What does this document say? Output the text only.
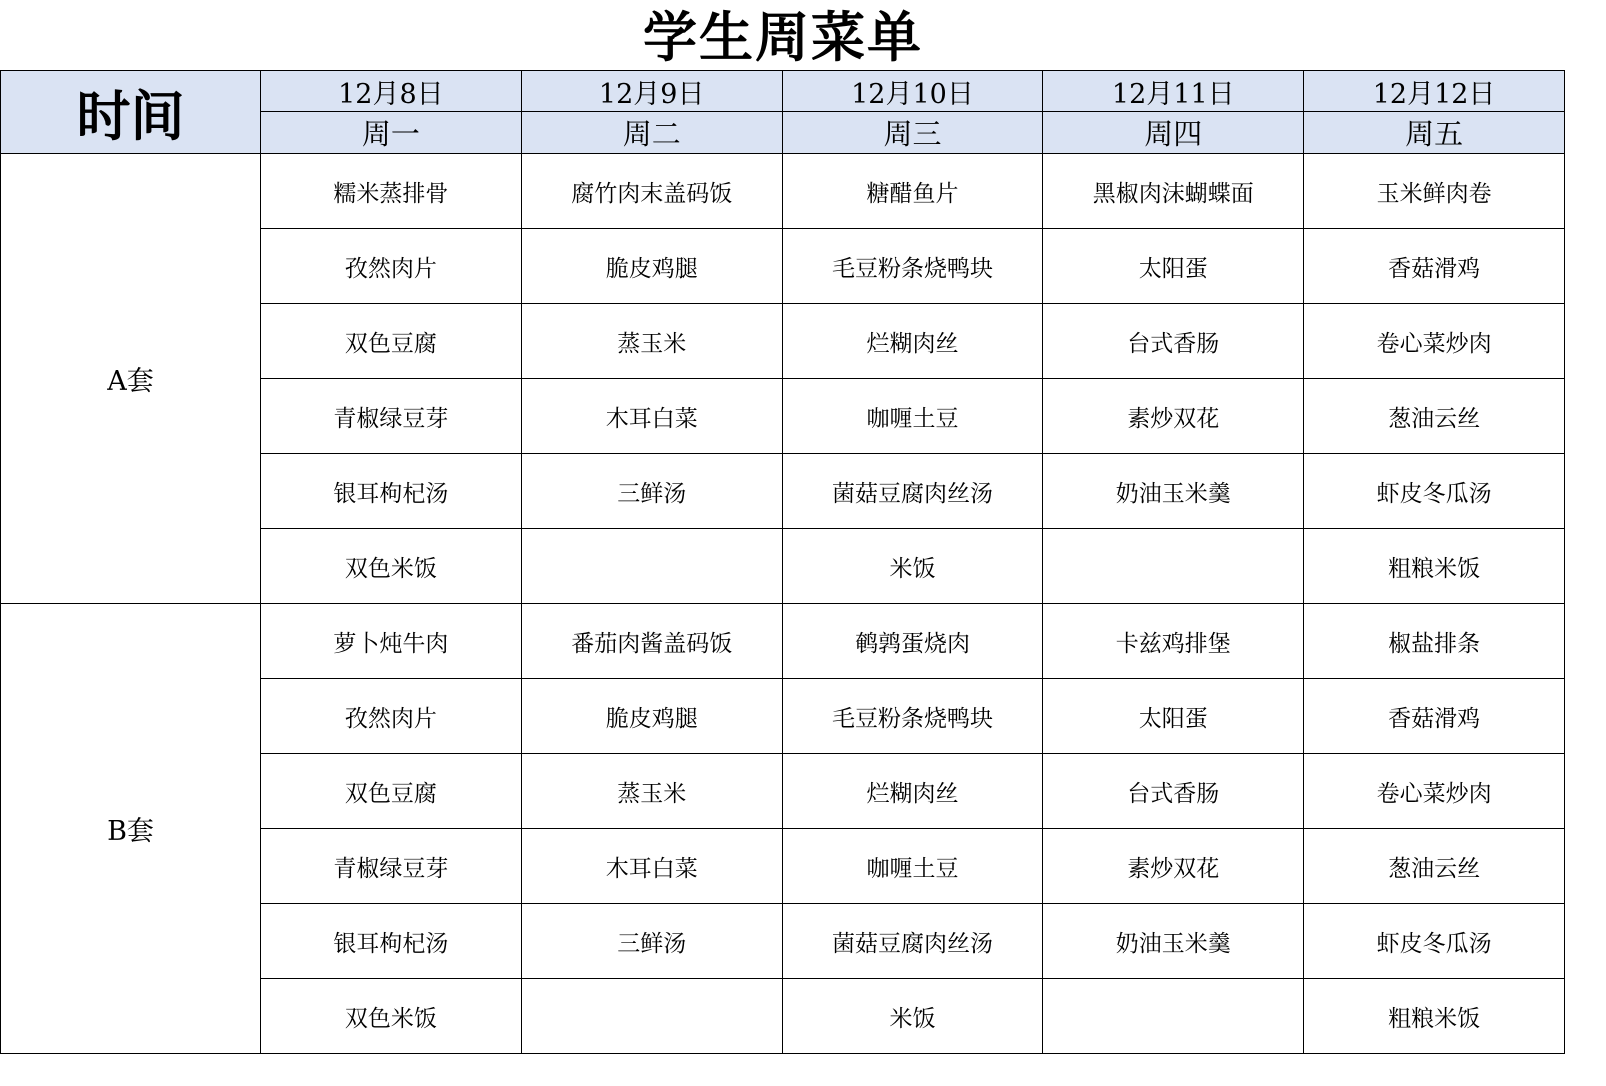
学生周菜单
时间	12月8日	12月9日	12月10日	12月11日	12月12日
	周一	周二	周三	周四	周五
A套	糯米蒸排骨	腐竹肉末盖码饭	糖醋鱼片	黑椒肉沫蝴蝶面	玉米鲜肉卷
	孜然肉片	脆皮鸡腿	毛豆粉条烧鸭块	太阳蛋	香菇滑鸡
	双色豆腐	蒸玉米	烂糊肉丝	台式香肠	卷心菜炒肉
	青椒绿豆芽	木耳白菜	咖喱土豆	素炒双花	葱油云丝
	银耳枸杞汤	三鲜汤	菌菇豆腐肉丝汤	奶油玉米羹	虾皮冬瓜汤
	双色米饭		米饭		粗粮米饭
B套	萝卜炖牛肉	番茄肉酱盖码饭	鹌鹑蛋烧肉	卡兹鸡排堡	椒盐排条
	孜然肉片	脆皮鸡腿	毛豆粉条烧鸭块	太阳蛋	香菇滑鸡
	双色豆腐	蒸玉米	烂糊肉丝	台式香肠	卷心菜炒肉
	青椒绿豆芽	木耳白菜	咖喱土豆	素炒双花	葱油云丝
	银耳枸杞汤	三鲜汤	菌菇豆腐肉丝汤	奶油玉米羹	虾皮冬瓜汤
	双色米饭		米饭		粗粮米饭
